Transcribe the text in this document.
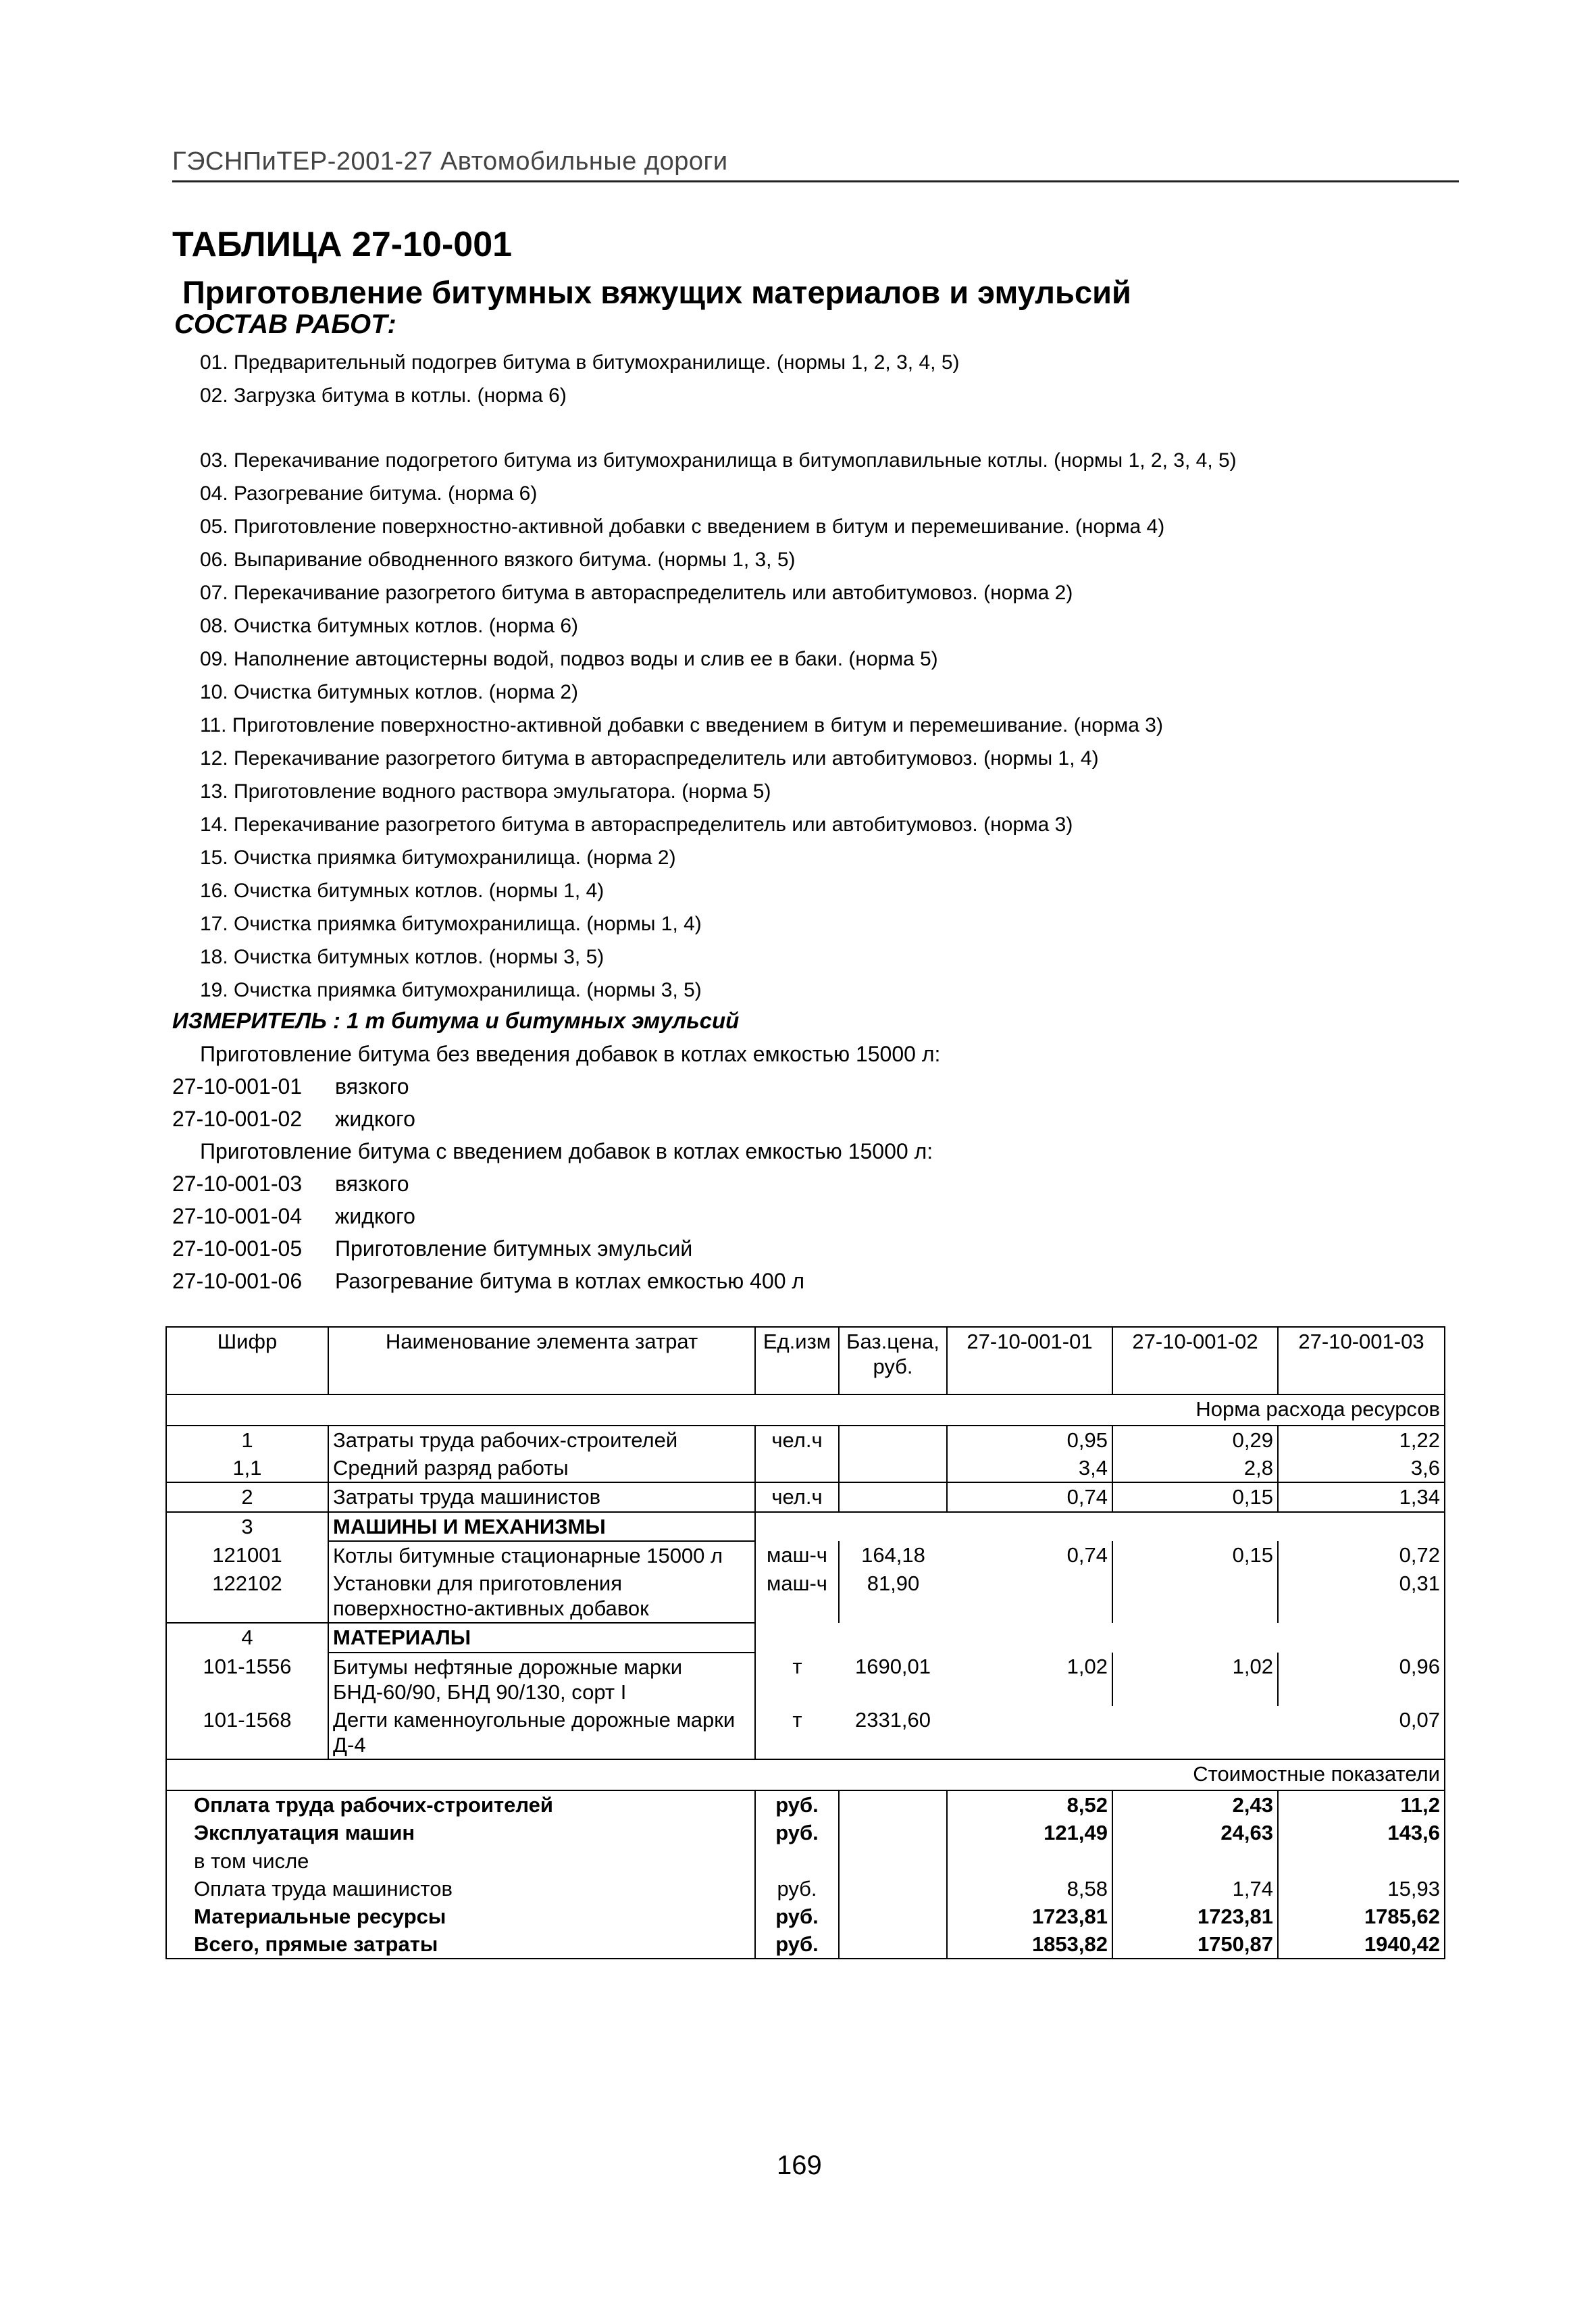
ГЭСНПиТЕР-2001-27 Автомобильные дороги
ТАБЛИЦА 27-10-001
Приготовление битумных вяжущих материалов и эмульсий
СОСТАВ РАБОТ:
01. Предварительный подогрев битума в битумохранилище. (нормы 1, 2, 3, 4, 5)
02. Загрузка битума в котлы. (норма 6)
03. Перекачивание подогретого битума из битумохранилища в битумоплавильные котлы. (нормы 1, 2, 3, 4, 5)
04. Разогревание битума. (норма 6)
05. Приготовление поверхностно-активной добавки с введением в битум и перемешивание. (норма 4)
06. Выпаривание обводненного вязкого битума. (нормы 1, 3, 5)
07. Перекачивание разогретого битума в автораспределитель или автобитумовоз. (норма 2)
08. Очистка битумных котлов. (норма 6)
09. Наполнение автоцистерны водой, подвоз воды и слив ее в баки. (норма 5)
10. Очистка битумных котлов. (норма 2)
11. Приготовление поверхностно-активной добавки с введением в битум и перемешивание. (норма 3)
12. Перекачивание разогретого битума в автораспределитель или автобитумовоз. (нормы 1, 4)
13. Приготовление водного раствора эмульгатора. (норма 5)
14. Перекачивание разогретого битума в автораспределитель или автобитумовоз. (норма 3)
15. Очистка приямка битумохранилища. (норма 2)
16. Очистка битумных котлов. (нормы 1, 4)
17. Очистка приямка битумохранилища. (нормы 1, 4)
18. Очистка битумных котлов. (нормы 3, 5)
19. Очистка приямка битумохранилища. (нормы 3, 5)
ИЗМЕРИТЕЛЬ : 1 т битума и битумных эмульсий
Приготовление битума без введения добавок в котлах емкостью 15000 л:
27-10-001-01 вязкого
27-10-001-02 жидкого
Приготовление битума с введением добавок в котлах емкостью 15000 л:
27-10-001-03 вязкого
27-10-001-04 жидкого
27-10-001-05 Приготовление битумных эмульсий
27-10-001-06 Разогревание битума в котлах емкостью 400 л
Шифр	Наименование элемента затрат	Ед.изм	Баз.цена, руб.	27-10-001-01	27-10-001-02	27-10-001-03
Норма расхода ресурсов						
1	Затраты труда рабочих-строителей	чел.ч		0,95	0,29	1,22
1,1	Средний разряд работы			3,4	2,8	3,6
2	Затраты труда машинистов	чел.ч		0,74	0,15	1,34
3	МАШИНЫ И МЕХАНИЗМЫ					
121001	Котлы битумные стационарные 15000 л	маш-ч	164,18	0,74	0,15	0,72
122102	Установки для приготовления поверхностно-активных добавок	маш-ч	81,90			0,31
4	МАТЕРИАЛЫ					
101-1556	Битумы нефтяные дорожные марки БНД-60/90, БНД 90/130, сорт I	т	1690,01	1,02	1,02	0,96
101-1568	Дегти каменноугольные дорожные марки Д-4	т	2331,60			0,07
Стоимостные показатели						
Оплата труда рабочих-строителей		руб.		8,52	2,43	11,2
Эксплуатация машин		руб.		121,49	24,63	143,6
в том числе						
Оплата труда машинистов		руб.		8,58	1,74	15,93
Материальные ресурсы		руб.		1723,81	1723,81	1785,62
Всего, прямые затраты		руб.		1853,82	1750,87	1940,42
169
